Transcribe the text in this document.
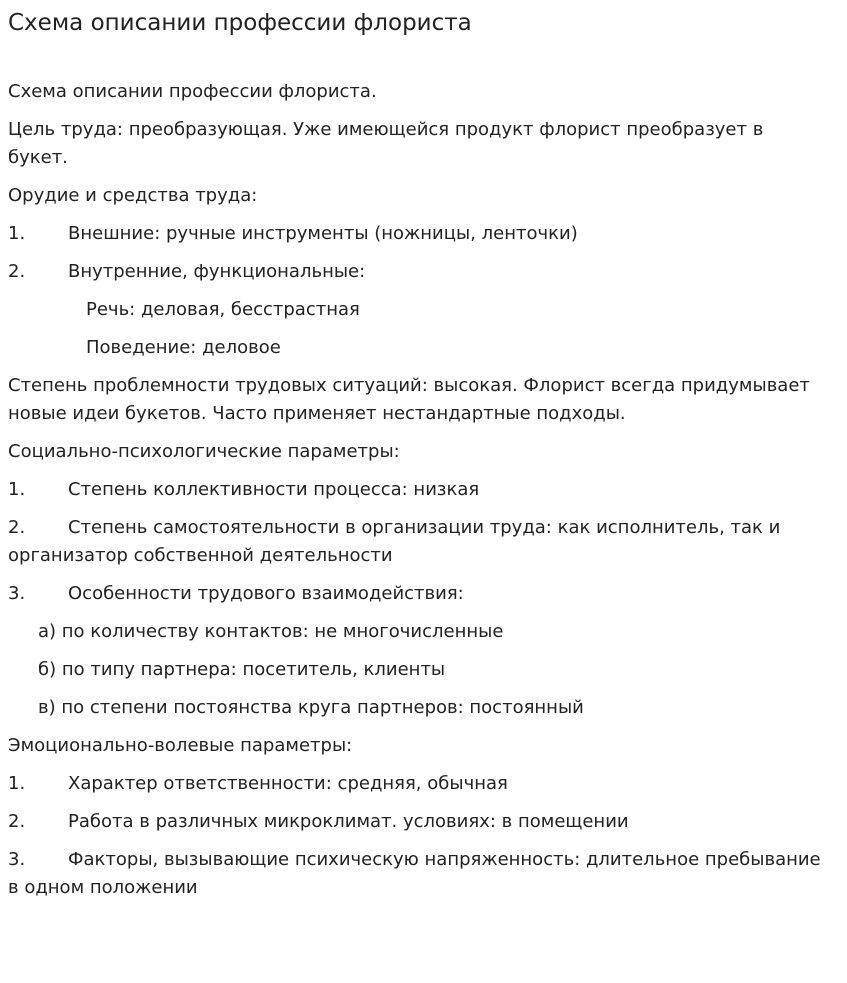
Схема описании профессии флориста

Схема описании профессии флориста.

Цель труда: преобразующая. Уже имеющейся продукт флорист преобразует в букет.

Орудие и средства труда:

1. Внешние: ручные инструменты (ножницы, ленточки)

2. Внутренние, функциональные:

Речь: деловая, бесстрастная

Поведение: деловое

Степень проблемности трудовых ситуаций: высокая. Флорист всегда придумывает новые идеи букетов. Часто применяет нестандартные подходы.

Социально-психологические параметры:

1. Степень коллективности процесса: низкая

2. Степень самостоятельности в организации труда: как исполнитель, так и организатор собственной деятельности

3. Особенности трудового взаимодействия:

а) по количеству контактов: не многочисленные

б) по типу партнера: посетитель, клиенты

в) по степени постоянства круга партнеров: постоянный

Эмоционально-волевые параметры:

1. Характер ответственности: средняя, обычная

2. Работа в различных микроклимат. условиях: в помещении

3. Факторы, вызывающие психическую напряженность: длительное пребывание в одном положении
